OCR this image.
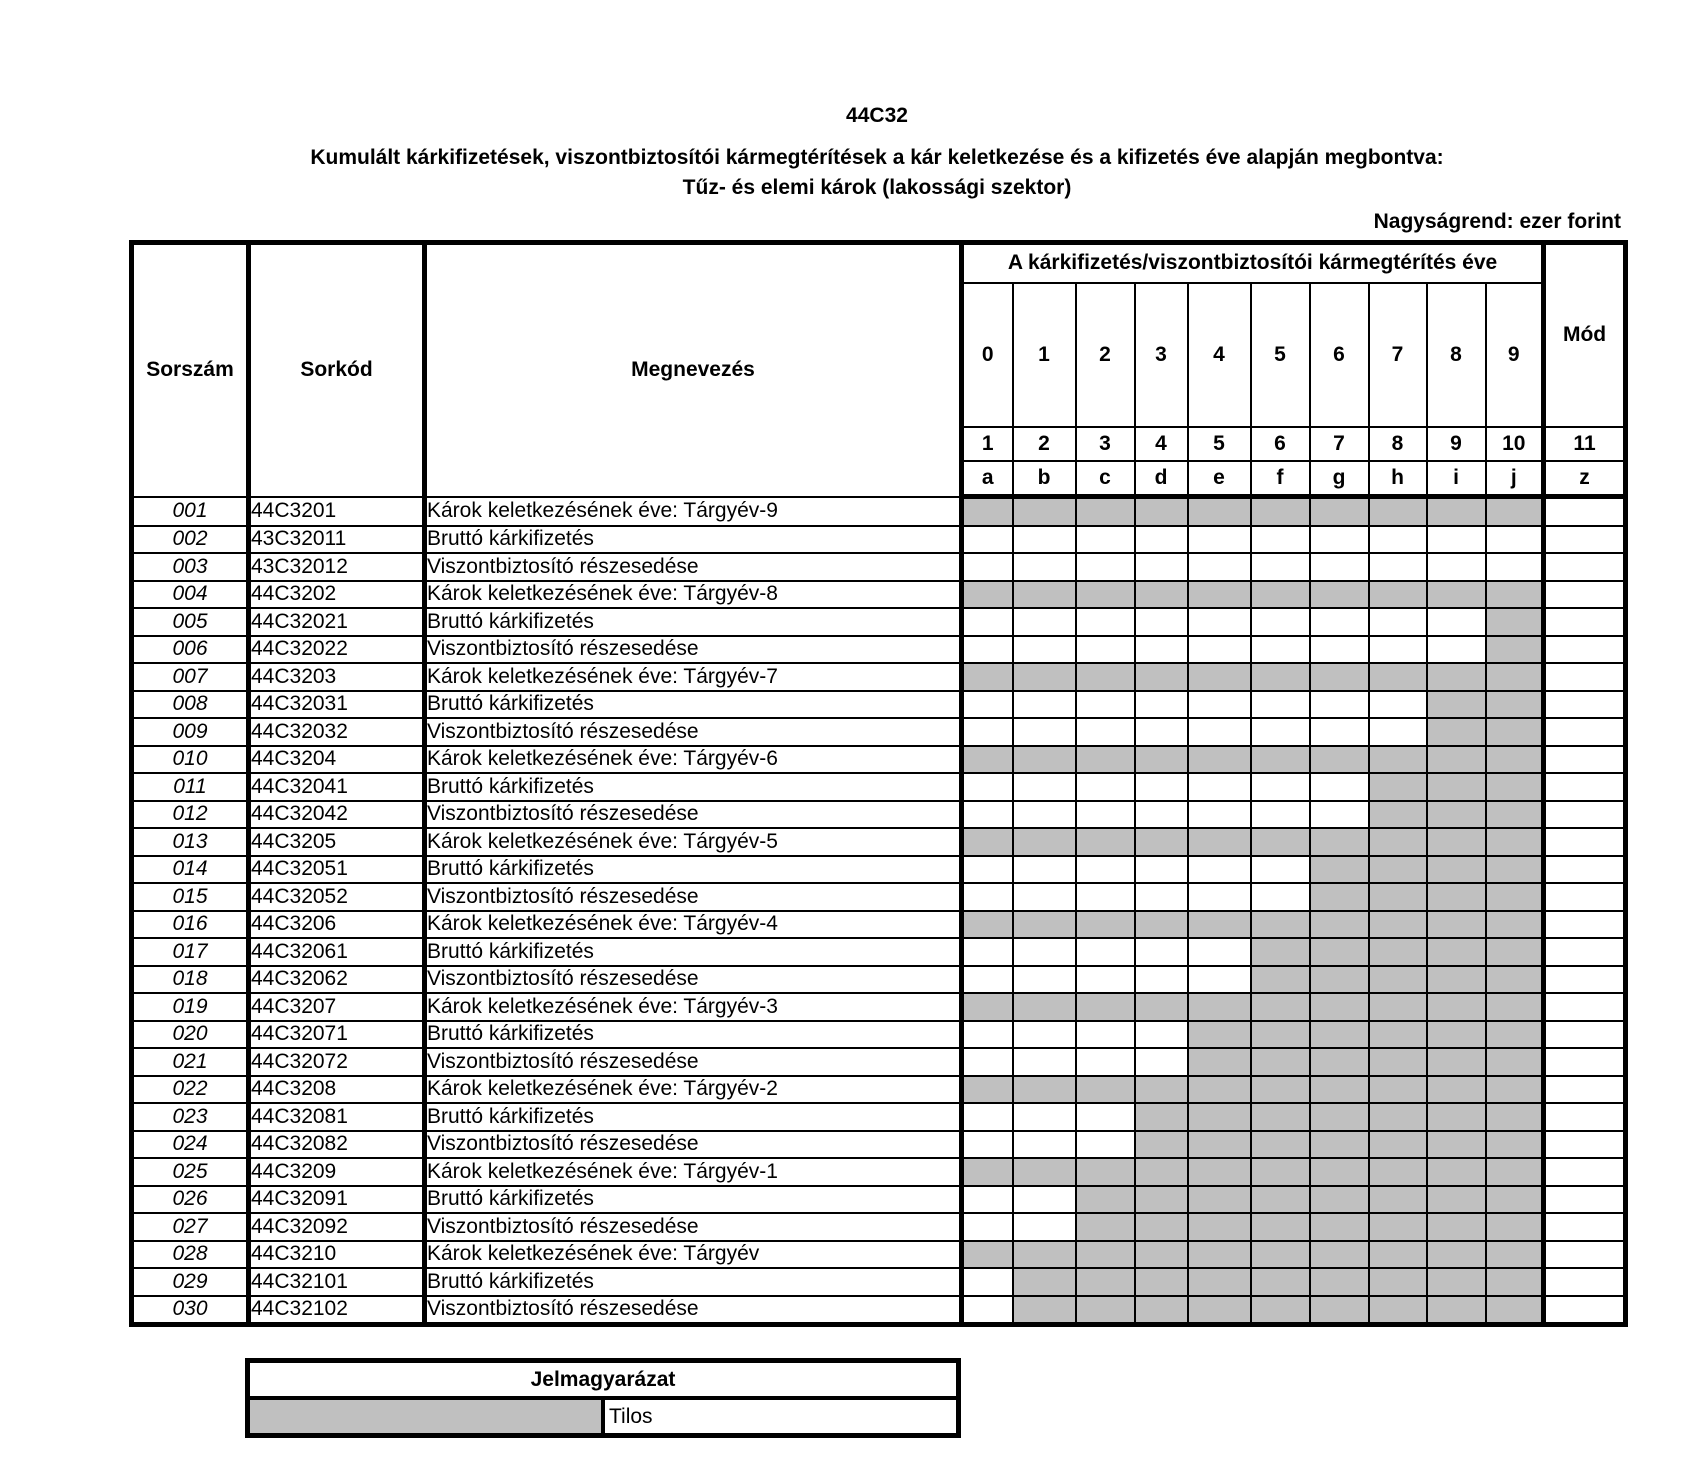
44C32
Kumulált kárkifizetések, viszontbiztosítói kármegtérítések a kár keletkezése és a kifizetés éve alapján megbontva:
Tűz- és elemi károk (lakossági szektor)
Nagyságrend: ezer forint
Sorszám	Sorkód	Megnevezés	A kárkifizetés/viszontbiztosítói kármegtérítés éve										Mód
			0	1	2	3	4	5	6	7	8	9	
			1	2	3	4	5	6	7	8	9	10	11
			a	b	c	d	e	f	g	h	i	j	z
001	44C3201	Károk keletkezésének éve: Tárgyév-9											
002	43C32011	Bruttó kárkifizetés											
003	43C32012	Viszontbiztosító részesedése											
004	44C3202	Károk keletkezésének éve: Tárgyév-8											
005	44C32021	Bruttó kárkifizetés											
006	44C32022	Viszontbiztosító részesedése											
007	44C3203	Károk keletkezésének éve: Tárgyév-7											
008	44C32031	Bruttó kárkifizetés											
009	44C32032	Viszontbiztosító részesedése											
010	44C3204	Károk keletkezésének éve: Tárgyév-6											
011	44C32041	Bruttó kárkifizetés											
012	44C32042	Viszontbiztosító részesedése											
013	44C3205	Károk keletkezésének éve: Tárgyév-5											
014	44C32051	Bruttó kárkifizetés											
015	44C32052	Viszontbiztosító részesedése											
016	44C3206	Károk keletkezésének éve: Tárgyév-4											
017	44C32061	Bruttó kárkifizetés											
018	44C32062	Viszontbiztosító részesedése											
019	44C3207	Károk keletkezésének éve: Tárgyév-3											
020	44C32071	Bruttó kárkifizetés											
021	44C32072	Viszontbiztosító részesedése											
022	44C3208	Károk keletkezésének éve: Tárgyév-2											
023	44C32081	Bruttó kárkifizetés											
024	44C32082	Viszontbiztosító részesedése											
025	44C3209	Károk keletkezésének éve: Tárgyév-1											
026	44C32091	Bruttó kárkifizetés											
027	44C32092	Viszontbiztosító részesedése											
028	44C3210	Károk keletkezésének éve: Tárgyév											
029	44C32101	Bruttó kárkifizetés											
030	44C32102	Viszontbiztosító részesedése											
Jelmagyarázat
	Tilos
